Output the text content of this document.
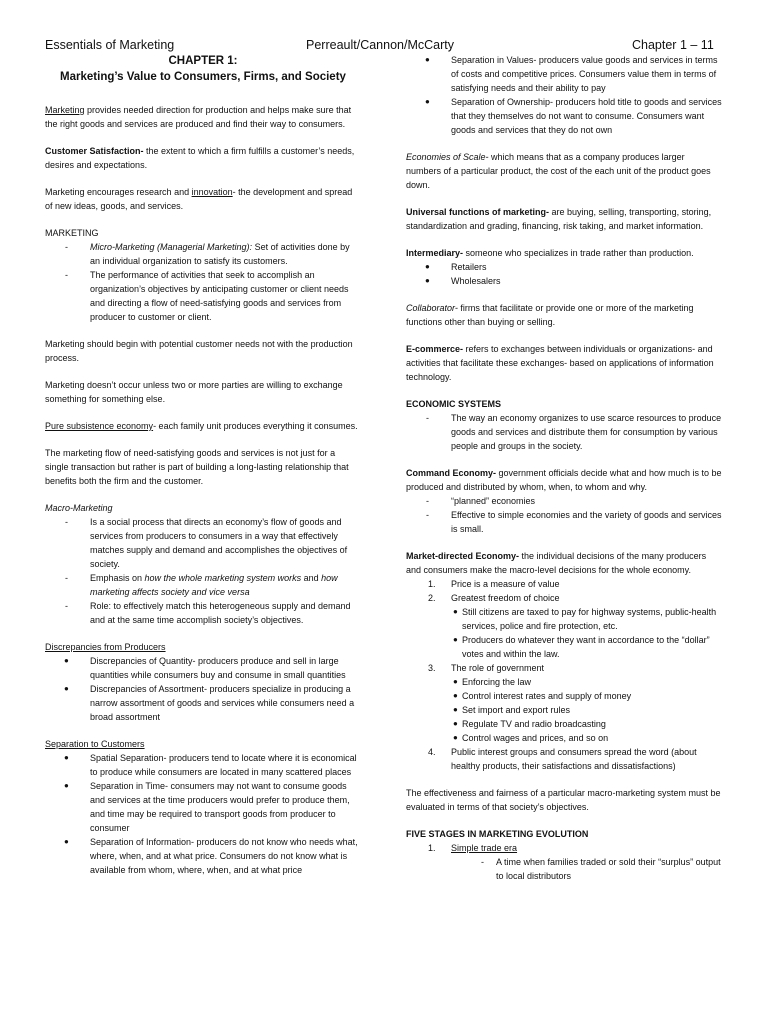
Essentials of Marketing	Perreault/Cannon/McCarty	Chapter 1 – 11
CHAPTER 1:
Marketing’s Value to Consumers, Firms, and Society

Marketing provides needed direction for production and helps make sure that the right goods and services are produced and find their way to consumers.

Customer Satisfaction- the extent to which a firm fulfills a customer’s needs, desires and expectations.

Marketing encourages research and innovation- the development and spread of new ideas, goods, and services.

MARKETING
- Micro-Marketing (Managerial Marketing): Set of activities done by an individual organization to satisfy its customers.
- The performance of activities that seek to accomplish an organization’s objectives by anticipating customer or client needs and directing a flow of need-satisfying goods and services from producer to customer or client.

Marketing should begin with potential customer needs not with the production process.

Marketing doesn’t occur unless two or more parties are willing to exchange something for something else.

Pure subsistence economy- each family unit produces everything it consumes.

The marketing flow of need-satisfying goods and services is not just for a single transaction but rather is part of building a long-lasting relationship that benefits both the firm and the customer.

Macro-Marketing
- Is a social process that directs an economy’s flow of goods and services from producers to consumers in a way that effectively matches supply and demand and accomplishes the objectives of society.
- Emphasis on how the whole marketing system works and how marketing affects society and vice versa
- Role: to effectively match this heterogeneous supply and demand and at the same time accomplish society’s objectives.
Discrepancies from Producers
● Discrepancies of Quantity- producers produce and sell in large quantities while consumers buy and consume in small quantities
● Discrepancies of Assortment- producers specialize in producing a narrow assortment of goods and services while consumers need a broad assortment
Separation to Customers
● Spatial Separation- producers tend to locate where it is economical to produce while consumers are located in many scattered places
● Separation in Time- consumers may not want to consume goods and services at the time producers would prefer to produce them, and time may be required to transport goods from producer to consumer
● Separation of Information- producers do not know who needs what, where, when, and at what price. Consumers do not know what is available from whom, where, when, and at what price
● Separation in Values- producers value goods and services in terms of costs and competitive prices. Consumers value them in terms of satisfying needs and their ability to pay
● Separation of Ownership- producers hold title to goods and services that they themselves do not want to consume. Consumers want goods and services that they do not own

Economies of Scale- which means that as a company produces larger numbers of a particular product, the cost of the each unit of the product goes down.

Universal functions of marketing- are buying, selling, transporting, storing, standardization and grading, financing, risk taking, and market information.

Intermediary- someone who specializes in trade rather than production.
● Retailers
● Wholesalers

Collaborator- firms that facilitate or provide one or more of the marketing functions other than buying or selling.

E-commerce- refers to exchanges between individuals or organizations- and activities that facilitate these exchanges- based on applications of information technology.

ECONOMIC SYSTEMS
- The way an economy organizes to use scarce resources to produce goods and services and distribute them for consumption by various people and groups in the society.
Command Economy- government officials decide what and how much is to be produced and distributed by whom, when, to whom and why.
- “planned” economies
- Effective to simple economies and the variety of goods and services is small.
Market-directed Economy- the individual decisions of the many producers and consumers make the macro-level decisions for the whole economy.
1. Price is a measure of value
2. Greatest freedom of choice
● Still citizens are taxed to pay for highway systems, public-health services, police and fire protection, etc.
● Producers do whatever they want in accordance to the “dollar” votes and within the law.
3. The role of government
● Enforcing the law
● Control interest rates and supply of money
● Set import and export rules
● Regulate TV and radio broadcasting
● Control wages and prices, and so on
4. Public interest groups and consumers spread the word (about healthy products, their satisfactions and dissatisfactions)

The effectiveness and fairness of a particular macro-marketing system must be evaluated in terms of that society’s objectives.

FIVE STAGES IN MARKETING EVOLUTION
1. Simple trade era
- A time when families traded or sold their “surplus” output to local distributors
